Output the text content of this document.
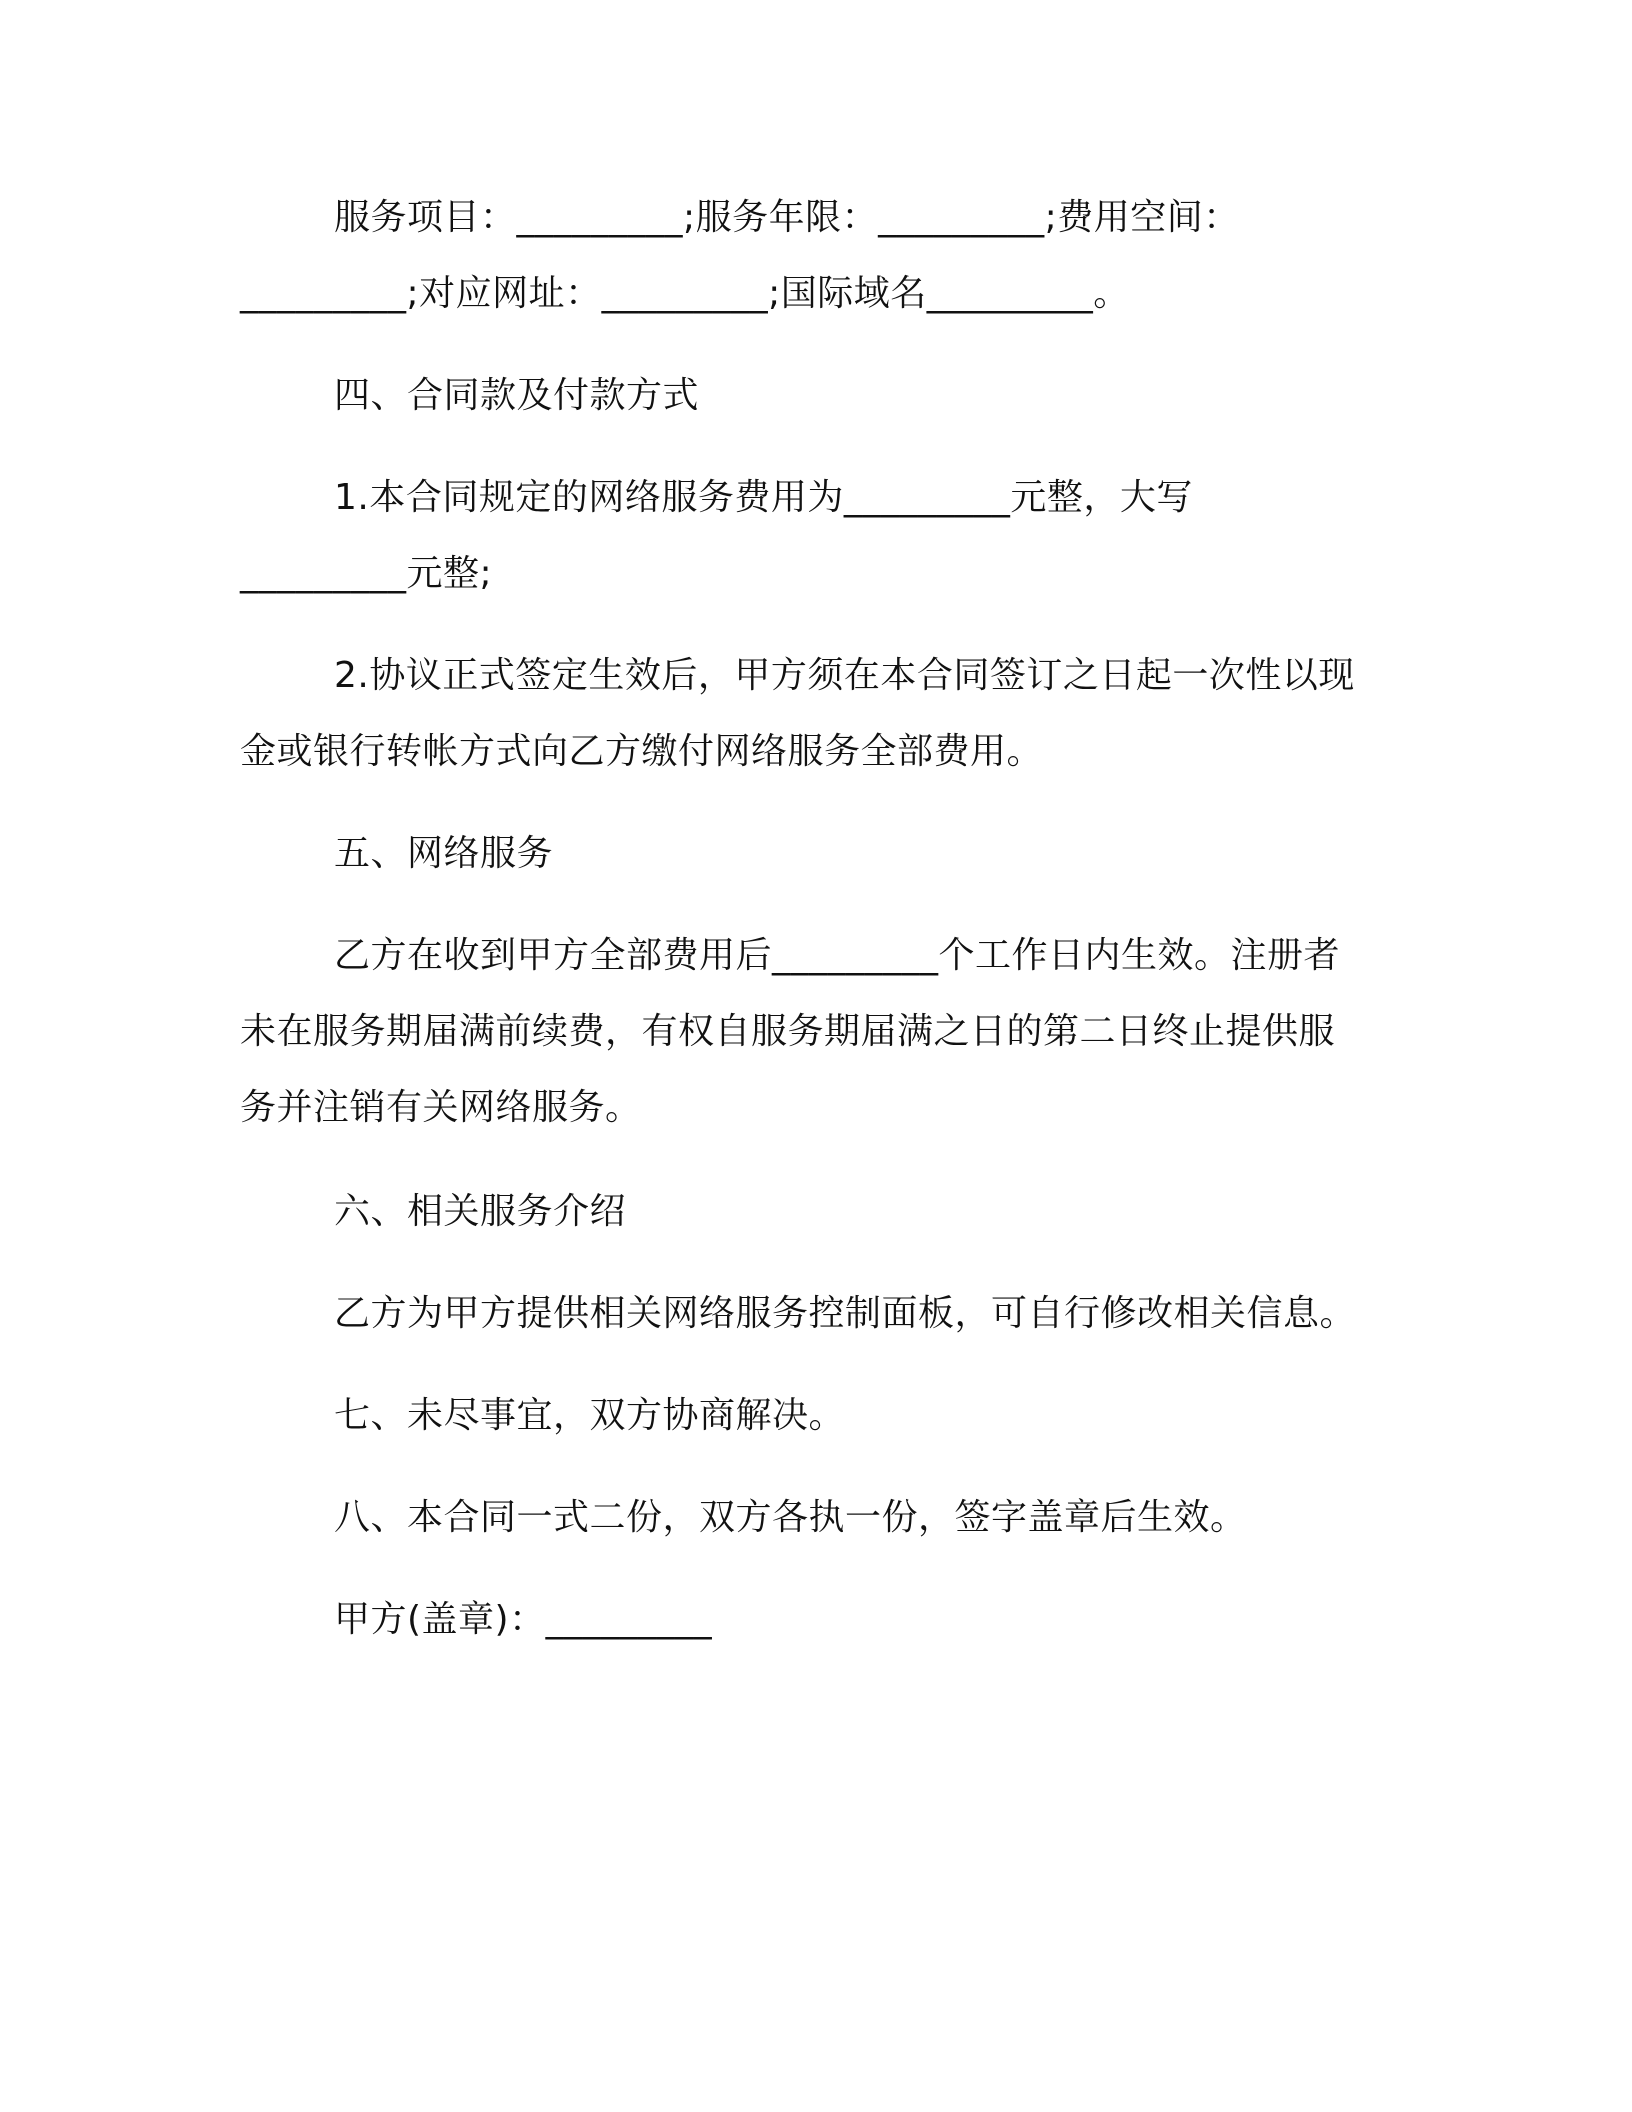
服务项目：_________;服务年限：_________;费用空间：
_________;对应网址：_________;国际域名_________。
四、合同款及付款方式
1.本合同规定的网络服务费用为_________元整，大写
_________元整;
2.协议正式签定生效后，甲方须在本合同签订之日起一次性以现
金或银行转帐方式向乙方缴付网络服务全部费用。
五、网络服务
乙方在收到甲方全部费用后_________个工作日内生效。注册者
未在服务期届满前续费，有权自服务期届满之日的第二日终止提供服
务并注销有关网络服务。
六、相关服务介绍
乙方为甲方提供相关网络服务控制面板，可自行修改相关信息。
七、未尽事宜，双方协商解决。
八、本合同一式二份，双方各执一份，签字盖章后生效。
甲方(盖章)：_________
